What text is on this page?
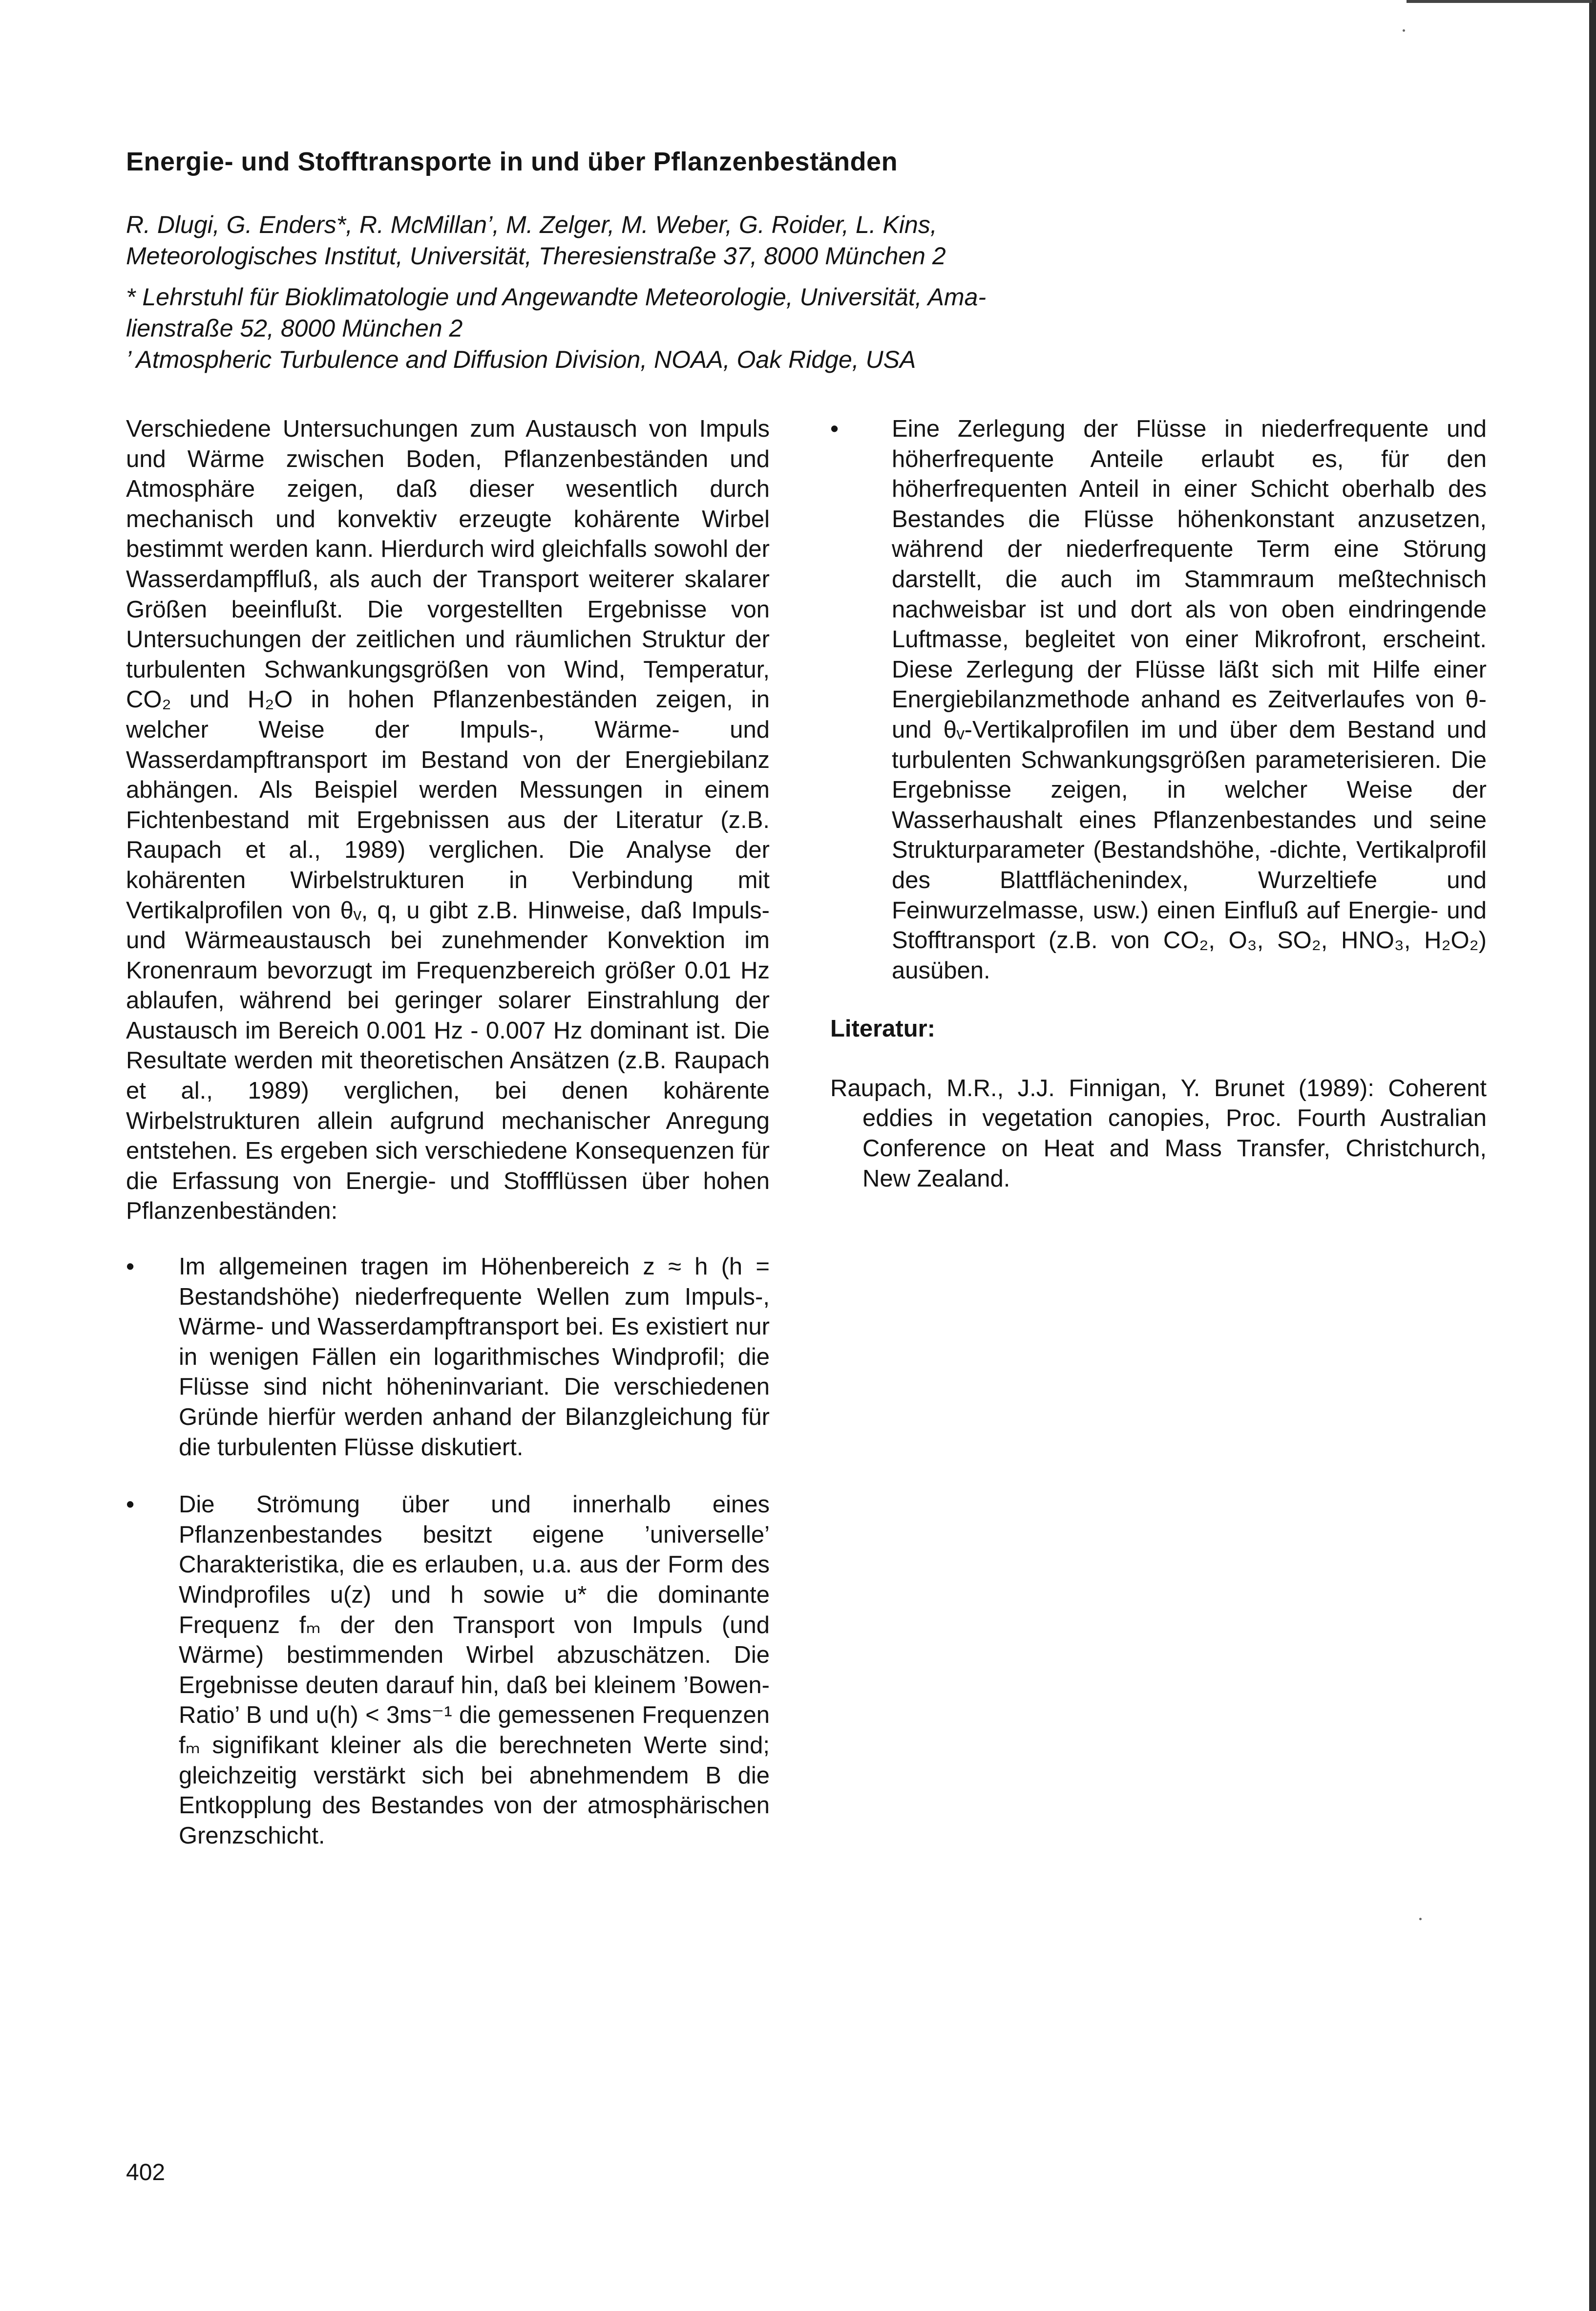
Energie- und Stofftransporte in und über Pflanzenbeständen
R. Dlugi, G. Enders*, R. McMillan’, M. Zelger, M. Weber, G. Roider, L. Kins,
Meteorologisches Institut, Universität, Theresienstraße 37, 8000 München 2
* Lehrstuhl für Bioklimatologie und Angewandte Meteorologie, Universität, Ama-
lienstraße 52, 8000 München 2
’ Atmospheric Turbulence and Diffusion Division, NOAA, Oak Ridge, USA

Verschiedene Untersuchungen zum Austausch von Impuls und Wärme zwischen Boden, Pflanzenbeständen und Atmosphäre zeigen, daß dieser wesentlich durch mechanisch und konvektiv erzeugte kohärente Wirbel bestimmt werden kann. Hierdurch wird gleichfalls sowohl der Wasserdampffluß, als auch der Transport weiterer skalarer Größen beeinflußt. Die vorgestellten Ergebnisse von Untersuchungen der zeitlichen und räumlichen Struktur der turbulenten Schwankungsgrößen von Wind, Temperatur, CO₂ und H₂O in hohen Pflanzenbeständen zeigen, in welcher Weise der Impuls-, Wärme- und Wasserdampftransport im Bestand von der Energiebilanz abhängen. Als Beispiel werden Messungen in einem Fichtenbestand mit Ergebnissen aus der Literatur (z.B. Raupach et al., 1989) verglichen. Die Analyse der kohärenten Wirbelstrukturen in Verbindung mit Vertikalprofilen von θᵥ, q, u gibt z.B. Hinweise, daß Impuls- und Wärmeaustausch bei zunehmender Konvektion im Kronenraum bevorzugt im Frequenzbereich größer 0.01 Hz ablaufen, während bei geringer solarer Einstrahlung der Austausch im Bereich 0.001 Hz - 0.007 Hz dominant ist. Die Resultate werden mit theoretischen Ansätzen (z.B. Raupach et al., 1989) verglichen, bei denen kohärente Wirbelstrukturen allein aufgrund mechanischer Anregung entstehen. Es ergeben sich verschiedene Konsequenzen für die Erfassung von Energie- und Stoffflüssen über hohen Pflanzenbeständen:

• Im allgemeinen tragen im Höhenbereich z ≈ h (h = Bestandshöhe) niederfrequente Wellen zum Impuls-, Wärme- und Wasserdampftransport bei. Es existiert nur in wenigen Fällen ein logarithmisches Windprofil; die Flüsse sind nicht höheninvariant. Die verschiedenen Gründe hierfür werden anhand der Bilanzgleichung für die turbulenten Flüsse diskutiert.
• Die Strömung über und innerhalb eines Pflanzenbestandes besitzt eigene ’universelle’ Charakteristika, die es erlauben, u.a. aus der Form des Windprofiles u(z) und h sowie u* die dominante Frequenz fₘ der den Transport von Impuls (und Wärme) bestimmenden Wirbel abzuschätzen. Die Ergebnisse deuten darauf hin, daß bei kleinem ’Bowen-Ratio’ B und u(h) < 3ms⁻¹ die gemessenen Frequenzen fₘ signifikant kleiner als die berechneten Werte sind; gleichzeitig verstärkt sich bei abnehmendem B die Entkopplung des Bestandes von der atmosphärischen Grenzschicht.
• Eine Zerlegung der Flüsse in niederfrequente und höherfrequente Anteile erlaubt es, für den höherfrequenten Anteil in einer Schicht oberhalb des Bestandes die Flüsse höhenkonstant anzusetzen, während der niederfrequente Term eine Störung darstellt, die auch im Stammraum meßtechnisch nachweisbar ist und dort als von oben eindringende Luftmasse, begleitet von einer Mikrofront, erscheint. Diese Zerlegung der Flüsse läßt sich mit Hilfe einer Energiebilanzmethode anhand es Zeitverlaufes von θ- und θᵥ-Vertikalprofilen im und über dem Bestand und turbulenten Schwankungsgrößen parameterisieren. Die Ergebnisse zeigen, in welcher Weise der Wasserhaushalt eines Pflanzenbestandes und seine Strukturparameter (Bestandshöhe, -dichte, Vertikalprofil des Blattflächenindex, Wurzeltiefe und Feinwurzelmasse, usw.) einen Einfluß auf Energie- und Stofftransport (z.B. von CO₂, O₃, SO₂, HNO₃, H₂O₂) ausüben.

Literatur:

Raupach, M.R., J.J. Finnigan, Y. Brunet (1989): Coherent eddies in vegetation canopies, Proc. Fourth Australian Conference on Heat and Mass Transfer, Christchurch, New Zealand.

402
